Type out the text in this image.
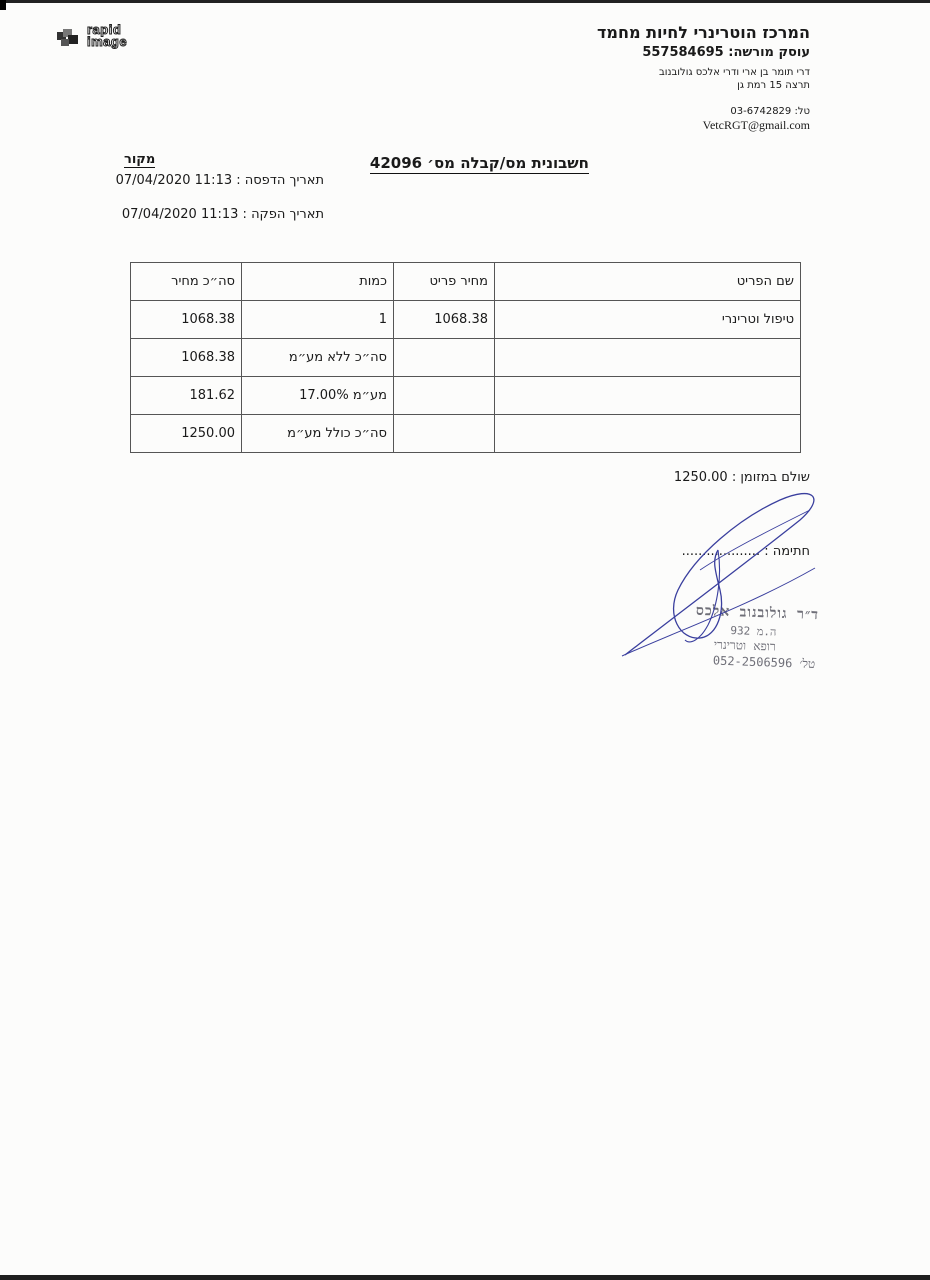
rapid
image	המרכז הוטרינרי לחיות מחמד
עוסק מורשה: 557584695
דרי תומר בן ארי ודרי אלכס גולובנוב
תרצה 15 רמת גן
טל: 03-6742829
VetcRGT@gmail.com
חשבונית מס/קבלה מס׳ 42096
מקור
תאריך הדפסה : 11:13 07/04/2020
תאריך הפקה : 11:13 07/04/2020
שם הפריט	מחיר פריט	כמות	סה״כ מחיר
טיפול וטרינרי	1068.38	1	1068.38
		סה״כ ללא מע״מ	1068.38
		מע״מ 17.00%	181.62
		סה״כ כולל מע״מ	1250.00
שולם במזומן : 1250.00
חתימה : ...................
ד״ר גולובנוב אלכס
ה.מ 932
רופא וטרינרי
טל׳ 052-2506596
